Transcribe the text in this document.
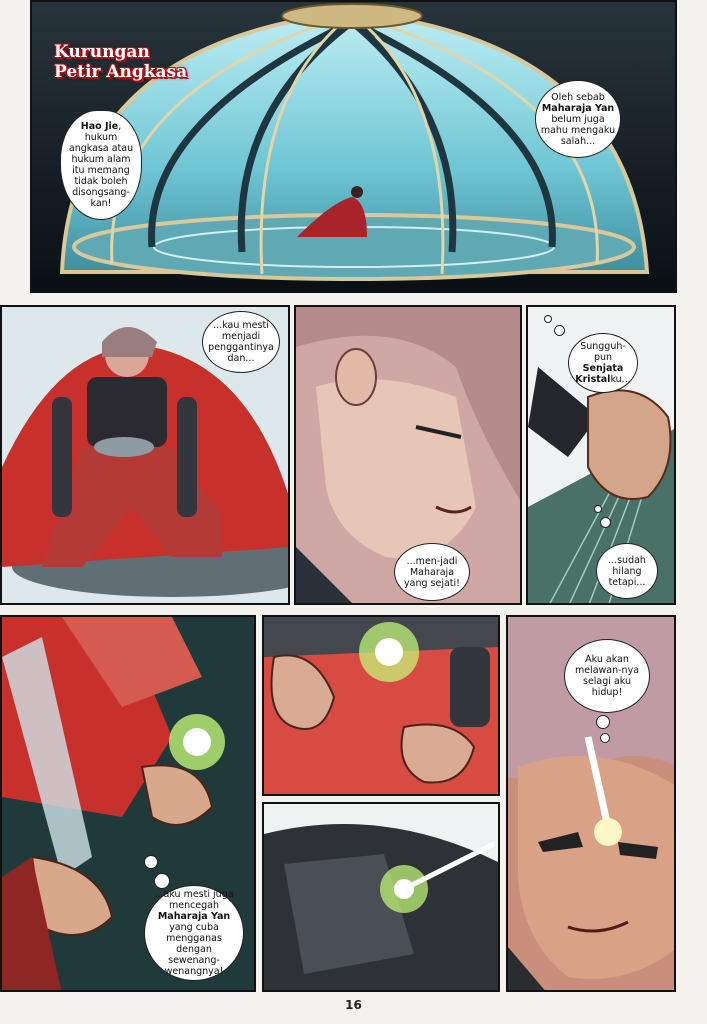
Kurungan
Petir Angkasa
Hao Jie, hukum angkasa atau hukum alam itu memang tidak boleh disongsang-kan!
Oleh sebab Maharaja Yan belum juga mahu mengaku salah...
...kau mesti menjadi penggantinya dan...
...men-jadi Maharaja yang sejati!
Sungguh-pun Senjata Kristalku...
...sudah hilang tetapi...
...aku mesti juga mencegah Maharaja Yan yang cuba mengganas dengan sewenang-wenangnya!
Aku akan melawan-nya selagi aku hidup!
16
